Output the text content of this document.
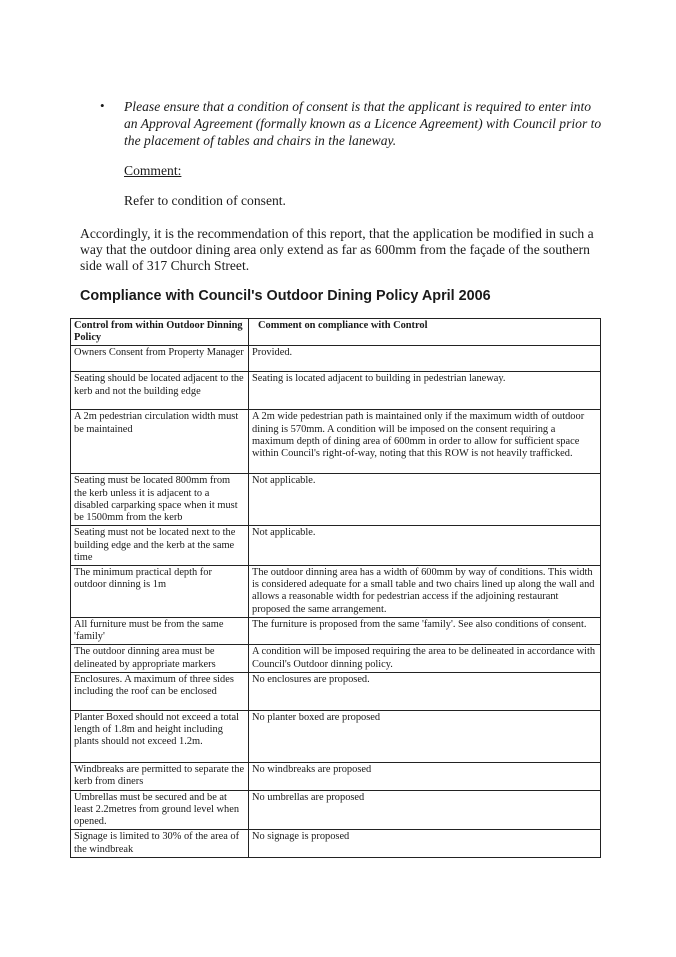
• Please ensure that a condition of consent is that the applicant is required to enter into an Approval Agreement (formally known as a Licence Agreement) with Council prior to the placement of tables and chairs in the laneway.
Comment:
Refer to condition of consent.
Accordingly, it is the recommendation of this report, that the application be modified in such a way that the outdoor dining area only extend as far as 600mm from the façade of the southern side wall of 317 Church Street.
Compliance with Council's Outdoor Dining Policy April 2006
Control from within Outdoor Dinning Policy	Comment on compliance with Control
Owners Consent from Property Manager	Provided.
Seating should be located adjacent to the kerb and not the building edge	Seating is located adjacent to building in pedestrian laneway.
A 2m pedestrian circulation width must be maintained	A 2m wide pedestrian path is maintained only if the maximum width of outdoor dining is 570mm. A condition will be imposed on the consent requiring a maximum depth of dining area of 600mm in order to allow for sufficient space within Council's right-of-way, noting that this ROW is not heavily trafficked.
Seating must be located 800mm from the kerb unless it is adjacent to a disabled carparking space when it must be 1500mm from the kerb	Not applicable.
Seating must not be located next to the building edge and the kerb at the same time	Not applicable.
The minimum practical depth for outdoor dinning is 1m	The outdoor dinning area has a width of 600mm by way of conditions. This width is considered adequate for a small table and two chairs lined up along the wall and allows a reasonable width for pedestrian access if the adjoining restaurant proposed the same arrangement.
All furniture must be from the same 'family'	The furniture is proposed from the same 'family'. See also conditions of consent.
The outdoor dinning area must be delineated by appropriate markers	A condition will be imposed requiring the area to be delineated in accordance with Council's Outdoor dinning policy.
Enclosures. A maximum of three sides including the roof can be enclosed	No enclosures are proposed.
Planter Boxed should not exceed a total length of 1.8m and height including plants should not exceed 1.2m.	No planter boxed are proposed
Windbreaks are permitted to separate the kerb from diners	No windbreaks are proposed
Umbrellas must be secured and be at least 2.2metres from ground level when opened.	No umbrellas are proposed
Signage is limited to 30% of the area of the windbreak	No signage is proposed
